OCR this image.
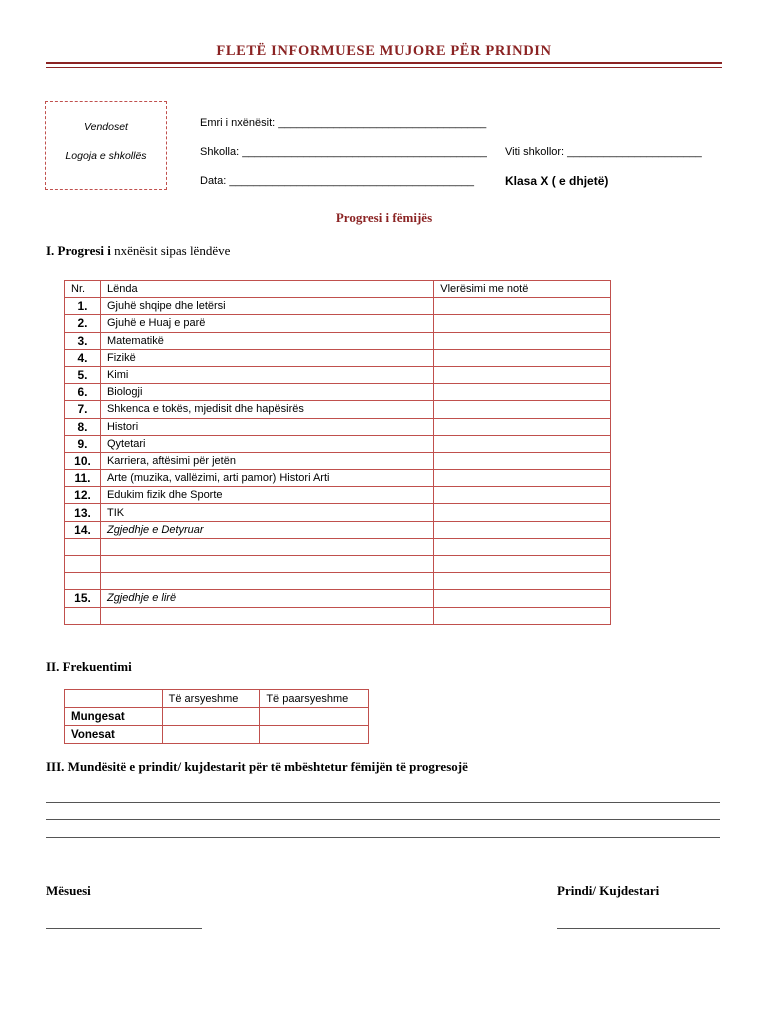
FLETË INFORMUESE MUJORE PËR PRINDIN
Vendoset
Logoja e shkollës
Emri i nxënësit: __________________________________
Shkolla: ________________________________________ Viti shkollor: ______________________
Data: ________________________________________	Klasa X ( e dhjetë)
Progresi i fëmijës
I. Progresi i nxënësit sipas lëndëve
Nr.	Lënda	Vlerësimi me notë
1.	Gjuhë shqipe dhe letërsi	
2.	Gjuhë e Huaj e parë	
3.	Matematikë	
4.	Fizikë	
5.	Kimi	
6.	Biologji	
7.	Shkenca e tokës, mjedisit dhe hapësirës	
8.	Histori	
9.	Qytetari	
10.	Karriera, aftësimi për jetën	
11.	Arte (muzika, vallëzimi, arti pamor) Histori Arti	
12.	Edukim fizik dhe Sporte	
13.	TIK	
14.	Zgjedhje e Detyruar	

15.	Zgjedhje e lirë	

II. Frekuentimi
	Të arsyeshme	Të paarsyeshme
Mungesat		
Vonesat		
III. Mundësitë e prindit/ kujdestarit për të mbështetur fëmijën të progresojë
Mësuesi	Prindi/ Kujdestari
